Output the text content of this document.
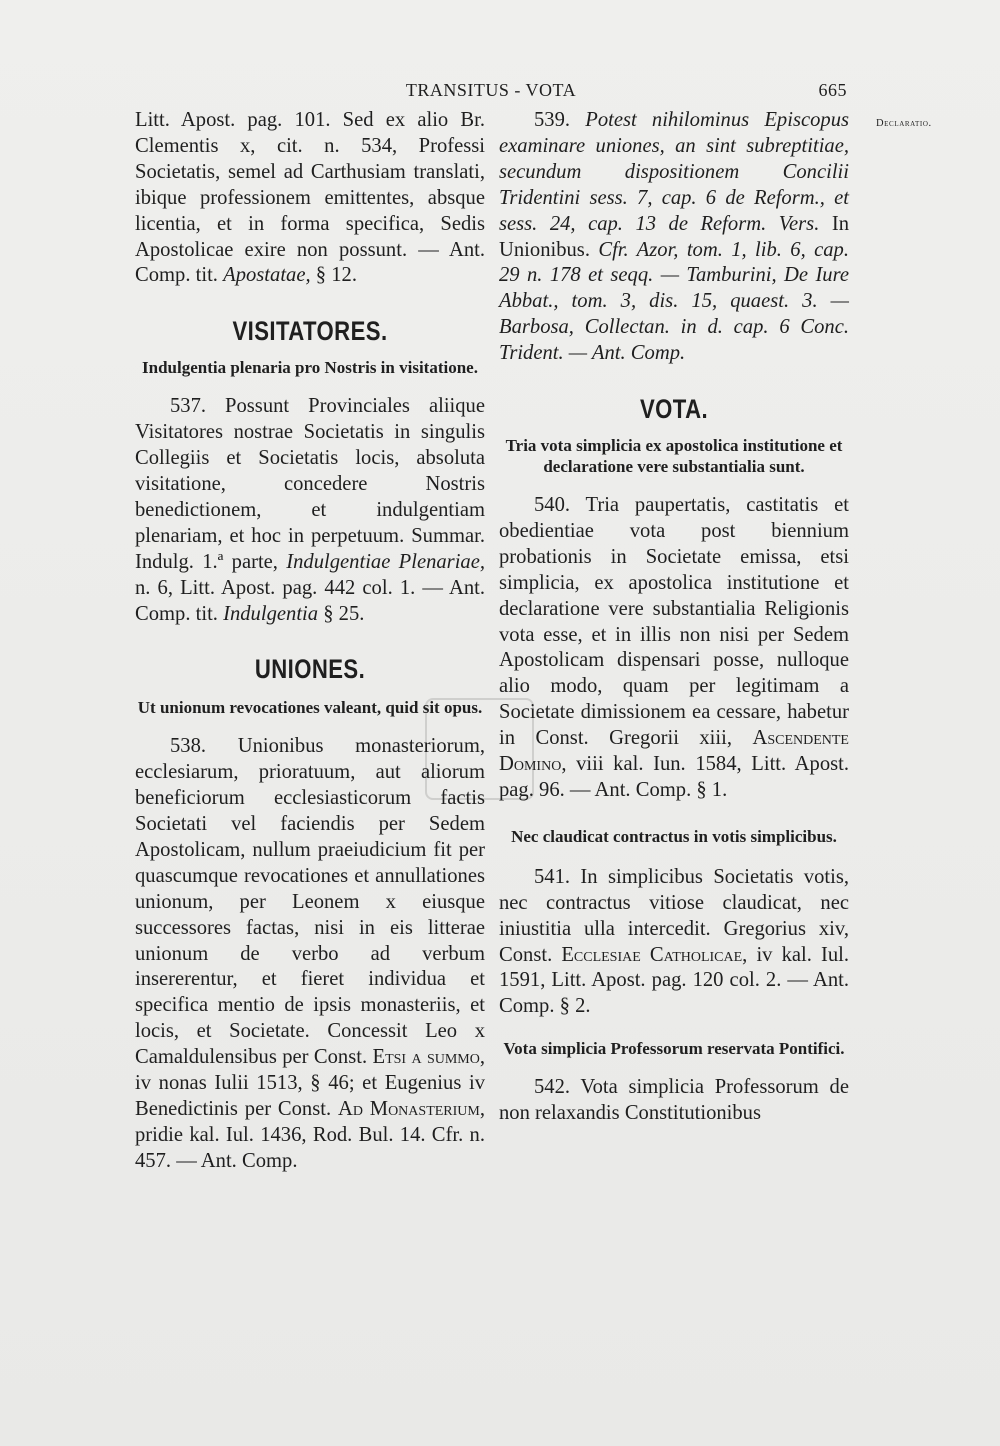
TRANSITUS - VOTA	665
Declaratio.

Litt. Apost. pag. 101. Sed ex alio Br. Clementis x, cit. n. 534, Professi Societatis, semel ad Carthusiam translati, ibique professionem emittentes, absque licentia, et in forma specifica, Sedis Apostolicae exire non possunt. — Ant. Comp. tit. Apostatae, § 12.

VISITATORES.

Indulgentia plenaria pro Nostris in visitatione.

537. Possunt Provinciales aliique Visitatores nostrae Societatis in singulis Collegiis et Societatis locis, absoluta visitatione, concedere Nostris benedictionem, et indulgentiam plenariam, et hoc in perpetuum. Summar. Indulg. 1.ª parte, Indulgentiae Plenariae, n. 6, Litt. Apost. pag. 442 col. 1. — Ant. Comp. tit. Indulgentia § 25.

UNIONES.

Ut unionum revocationes valeant, quid sit opus.

538. Unionibus monasteriorum, ecclesiarum, prioratuum, aut aliorum beneficiorum ecclesiasticorum factis Societati vel faciendis per Sedem Apostolicam, nullum praeiudicium fit per quascumque revocationes et annullationes unionum, per Leonem x eiusque successores factas, nisi in eis litterae unionum de verbo ad verbum insererentur, et fieret individua et specifica mentio de ipsis monasteriis, et locis, et Societate. Concessit Leo x Camaldulensibus per Const. Etsi a summo, iv nonas Iulii 1513, § 46; et Eugenius iv Benedictinis per Const. Ad Monasterium, pridie kal. Iul. 1436, Rod. Bul. 14. Cfr. n. 457. — Ant. Comp.

539. Potest nihilominus Episcopus examinare uniones, an sint subreptitiae, secundum dispositionem Concilii Tridentini sess. 7, cap. 6 de Reform., et sess. 24, cap. 13 de Reform. Vers. In Unionibus. Cfr. Azor, tom. 1, lib. 6, cap. 29 n. 178 et seqq. — Tamburini, De Iure Abbat., tom. 3, dis. 15, quaest. 3. — Barbosa, Collectan. in d. cap. 6 Conc. Trident. — Ant. Comp.

VOTA.

Tria vota simplicia ex apostolica institutione et declaratione vere substantialia sunt.

540. Tria paupertatis, castitatis et obedientiae vota post biennium probationis in Societate emissa, etsi simplicia, ex apostolica institutione et declaratione vere substantialia Religionis vota esse, et in illis non nisi per Sedem Apostolicam dispensari posse, nulloque alio modo, quam per legitimam a Societate dimissionem ea cessare, habetur in Const. Gregorii xiii, Ascendente Domino, viii kal. Iun. 1584, Litt. Apost. pag. 96. — Ant. Comp. § 1.

Nec claudicat contractus in votis simplicibus.

541. In simplicibus Societatis votis, nec contractus vitiose claudicat, nec iniustitia ulla intercedit. Gregorius xiv, Const. Ecclesiae Catholicae, iv kal. Iul. 1591, Litt. Apost. pag. 120 col. 2. — Ant. Comp. § 2.

Vota simplicia Professorum reservata Pontifici.

542. Vota simplicia Professorum de non relaxandis Constitutionibus
